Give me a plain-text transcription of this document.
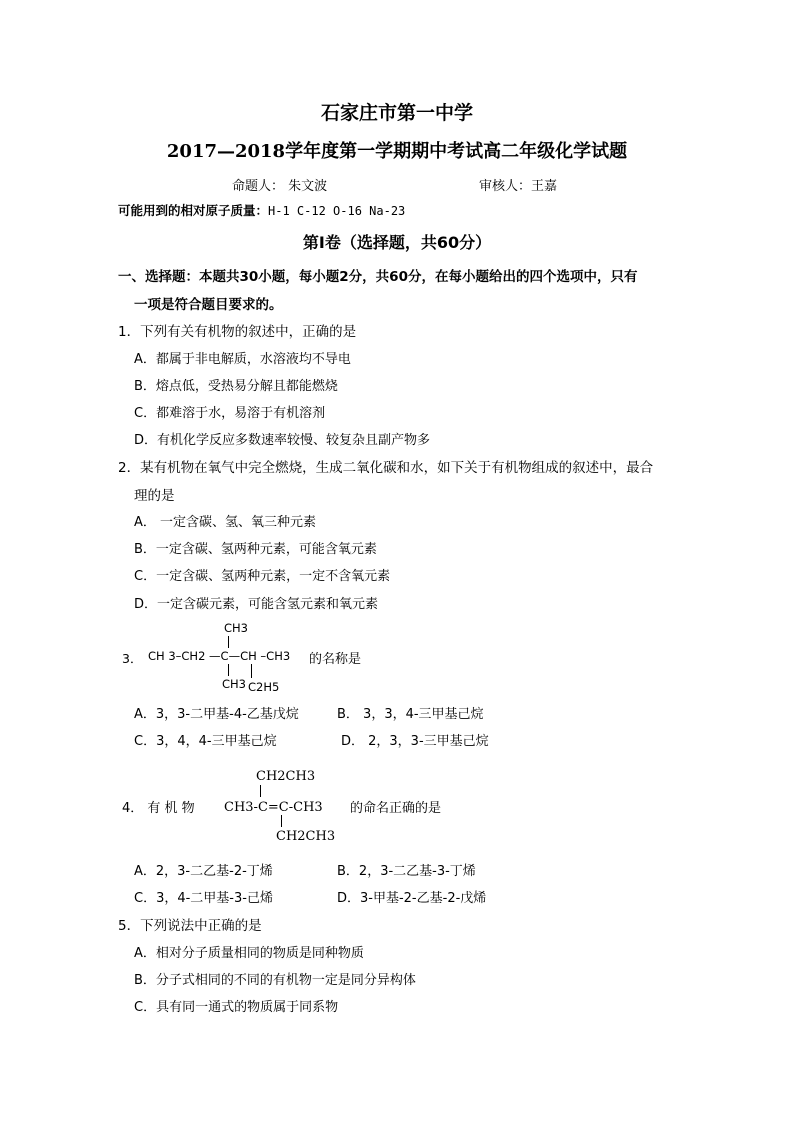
石家庄市第一中学
2017—2018学年度第一学期期中考试高二年级化学试题
命题人： 朱文波	审核人：王嘉
可能用到的相对原子质量：H-1 C-12 O-16 Na-23
第Ⅰ卷（选择题，共60分）
一、选择题：本题共30小题，每小题2分，共60分，在每小题给出的四个选项中，只有
一项是符合题目要求的。
1．下列有关有机物的叙述中，正确的是
A．都属于非电解质，水溶液均不导电
B．熔点低，受热易分解且都能燃烧
C．都难溶于水，易溶于有机溶剂
D．有机化学反应多数速率较慢、较复杂且副产物多
2．某有机物在氧气中完全燃烧，生成二氧化碳和水，如下关于有机物组成的叙述中，最合
理的是
A． 一定含碳、氢、氧三种元素
B．一定含碳、氢两种元素，可能含氧元素
C．一定含碳、氢两种元素，一定不含氧元素
D．一定含碳元素，可能含氢元素和氧元素
3．
CH3
CH 3–CH2 —C—CH –CH3
CH3 C2H5
的名称是
A．3，3-二甲基-4-乙基戊烷	B． 3，3，4-三甲基己烷
C．3，4，4-三甲基己烷	D． 2，3，3-三甲基己烷
4． 有 机 物
CH2CH3
CH3-C=C-CH3
CH2CH3
的命名正确的是
A．2，3-二乙基-2-丁烯	B．2，3-二乙基-3-丁烯
C．3，4-二甲基-3-己烯	D．3-甲基-2-乙基-2-戊烯
5．下列说法中正确的是
A．相对分子质量相同的物质是同种物质
B．分子式相同的不同的有机物一定是同分异构体
C．具有同一通式的物质属于同系物
